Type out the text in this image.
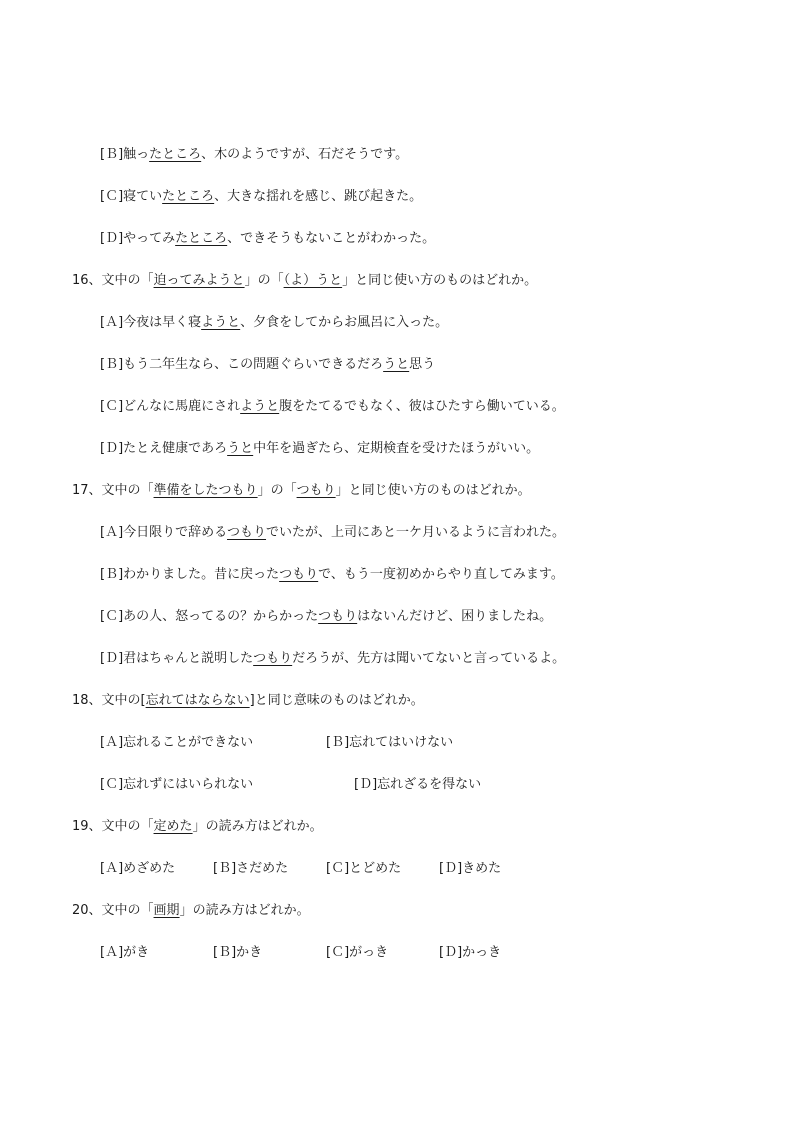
[Ｂ]触ったところ、木のようですが、石だそうです。
[Ｃ]寝ていたところ、大きな揺れを感じ、跳び起きた。
[Ｄ]やってみたところ、できそうもないことがわかった。
16、文中の「迫ってみようと」の「（よ）うと」と同じ使い方のものはどれか。
[Ａ]今夜は早く寝ようと、夕食をしてからお風呂に入った。
[Ｂ]もう二年生なら、この問題ぐらいできるだろうと思う
[Ｃ]どんなに馬鹿にされようと腹をたてるでもなく、彼はひたすら働いている。
[Ｄ]たとえ健康であろうと中年を過ぎたら、定期検査を受けたほうがいい。
17、文中の「準備をしたつもり」の「つもり」と同じ使い方のものはどれか。
[Ａ]今日限りで辞めるつもりでいたが、上司にあと一ケ月いるように言われた。
[Ｂ]わかりました。昔に戻ったつもりで、もう一度初めからやり直してみます。
[Ｃ]あの人、怒ってるの？からかったつもりはないんだけど、困りましたね。
[Ｄ]君はちゃんと説明したつもりだろうが、先方は聞いてないと言っているよ。
18、文中の[忘れてはならない]と同じ意味のものはどれか。
[Ａ]忘れることができない	[Ｂ]忘れてはいけない
[Ｃ]忘れずにはいられない	[Ｄ]忘れざるを得ない
19、文中の「定めた」の読み方はどれか。
[Ａ]めざめた	[Ｂ]さだめた	[Ｃ]とどめた	[Ｄ]きめた
20、文中の「画期」の読み方はどれか。
[Ａ]がき	[Ｂ]かき	[Ｃ]がっき	[Ｄ]かっき
